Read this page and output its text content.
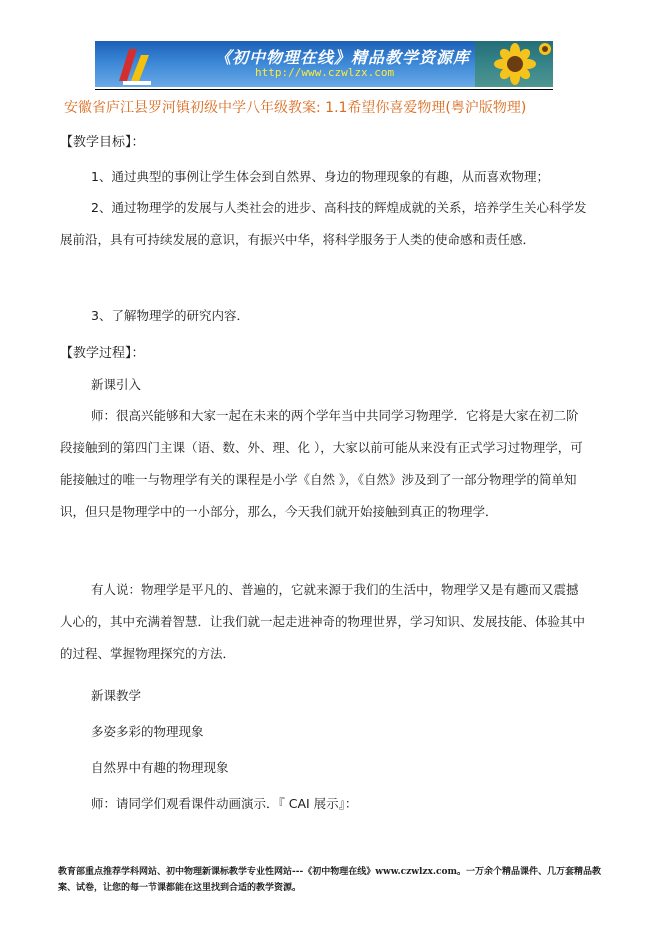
《初中物理在线》精品教学资源库
http://www.czwlzx.com
安徽省庐江县罗河镇初级中学八年级教案: 1.1希望你喜爱物理(粤沪版物理)
【教学目标】：
1、通过典型的事例让学生体会到自然界、身边的物理现象的有趣，从而喜欢物理；
2、通过物理学的发展与人类社会的进步、高科技的辉煌成就的关系，培养学生关心科学发展前沿，具有可持续发展的意识，有振兴中华，将科学服务于人类的使命感和责任感．
3、了解物理学的研究内容．
【教学过程】：
新课引入
师：很高兴能够和大家一起在未来的两个学年当中共同学习物理学．它将是大家在初二阶段接触到的第四门主课（语、数、外、理、化 ），大家以前可能从来没有正式学习过物理学，可能接触过的唯一与物理学有关的课程是小学《自然 》，《自然》涉及到了一部分物理学的简单知识，但只是物理学中的一小部分，那么，今天我们就开始接触到真正的物理学．
有人说：物理学是平凡的、普遍的，它就来源于我们的生活中，物理学又是有趣而又震撼人心的，其中充满着智慧．让我们就一起走进神奇的物理世界，学习知识、发展技能、体验其中的过程、掌握物理探究的方法．
新课教学
多姿多彩的物理现象
自然界中有趣的物理现象
师：请同学们观看课件动画演示．『 CAI 展示』：
教育部重点推荐学科网站、初中物理新课标教学专业性网站---《初中物理在线》www.czwlzx.com。一万余个精品课件、几万套精品教案、试卷，让您的每一节课都能在这里找到合适的教学资源。
